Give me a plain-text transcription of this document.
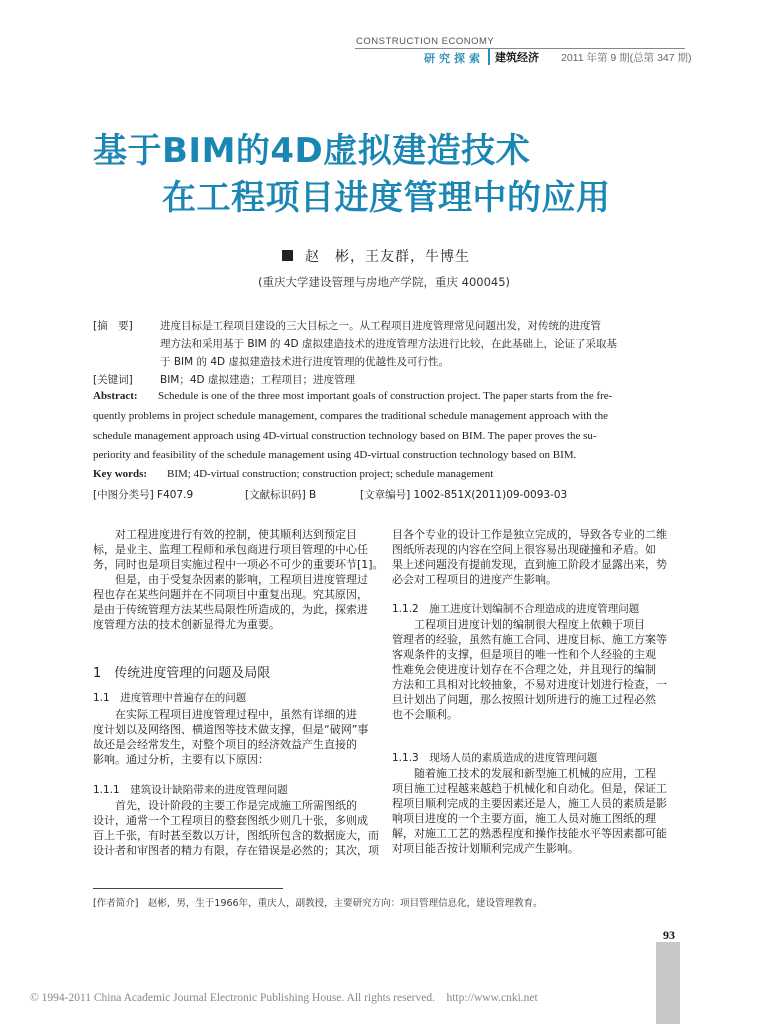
CONSTRUCTION ECONOMY
研究探索 建筑经济 2011 年第 9 期(总第 347 期)
基于BIM的4D虚拟建造技术
在工程项目进度管理中的应用
赵　彬，王友群，牛博生
(重庆大学建设管理与房地产学院，重庆 400045)
[摘　要]	进度目标是工程项目建设的三大目标之一。从工程项目进度管理常见问题出发，对传统的进度管
理方法和采用基于 BIM 的 4D 虚拟建造技术的进度管理方法进行比较，在此基础上，论证了采取基
于 BIM 的 4D 虚拟建造技术进行进度管理的优越性及可行性。
[关键词]	BIM；4D 虚拟建造；工程项目；进度管理
Abstract: Schedule is one of the three most important goals of construction project. The paper starts from the fre-
quently problems in project schedule management, compares the traditional schedule management approach with the
schedule management approach using 4D-virtual construction technology based on BIM. The paper proves the su-
periority and feasibility of the schedule management using 4D-virtual construction technology based on BIM.
Key words: BIM; 4D-virtual construction; construction project; schedule management
[中图分类号] F407.9	[文献标识码] B	[文章编号] 1002-851X(2011)09-0093-03
　　对工程进度进行有效的控制，使其顺利达到预定目
标，是业主、监理工程师和承包商进行项目管理的中心任
务，同时也是项目实施过程中一项必不可少的重要环节[1]。
　　但是，由于受复杂因素的影响，工程项目进度管理过
程也存在某些问题并在不同项目中重复出现。究其原因，
是由于传统管理方法某些局限性所造成的，为此，探索进
度管理方法的技术创新显得尤为重要。
1　传统进度管理的问题及局限
1.1　进度管理中普遍存在的问题
　　在实际工程项目进度管理过程中，虽然有详细的进
度计划以及网络图、横道图等技术做支撑，但是“破网”事
故还是会经常发生，对整个项目的经济效益产生直接的
影响。通过分析，主要有以下原因：
1.1.1　建筑设计缺陷带来的进度管理问题
　　首先，设计阶段的主要工作是完成施工所需图纸的
设计，通常一个工程项目的整套图纸少则几十张，多则成
百上千张，有时甚至数以万计，图纸所包含的数据庞大，而
设计者和审图者的精力有限，存在错误是必然的；其次，项
目各个专业的设计工作是独立完成的，导致各专业的二维
图纸所表现的内容在空间上很容易出现碰撞和矛盾。如
果上述问题没有提前发现，直到施工阶段才显露出来，势
必会对工程项目的进度产生影响。
1.1.2　施工进度计划编制不合理造成的进度管理问题
　　工程项目进度计划的编制很大程度上依赖于项目
管理者的经验，虽然有施工合同、进度目标、施工方案等
客观条件的支撑，但是项目的唯一性和个人经验的主观
性难免会使进度计划存在不合理之处，并且现行的编制
方法和工具相对比较抽象，不易对进度计划进行检查，一
旦计划出了问题，那么按照计划所进行的施工过程必然
也不会顺利。
1.1.3　现场人员的素质造成的进度管理问题
　　随着施工技术的发展和新型施工机械的应用，工程
项目施工过程越来越趋于机械化和自动化。但是，保证工
程项目顺利完成的主要因素还是人，施工人员的素质是影
响项目进度的一个主要方面，施工人员对施工图纸的理
解，对施工工艺的熟悉程度和操作技能水平等因素都可能
对项目能否按计划顺利完成产生影响。
[作者简介]　赵彬，男，生于1966年，重庆人，副教授，主要研究方向：项目管理信息化，建设管理教育。
93
© 1994-2011 China Academic Journal Electronic Publishing House. All rights reserved.　http://www.cnki.net
